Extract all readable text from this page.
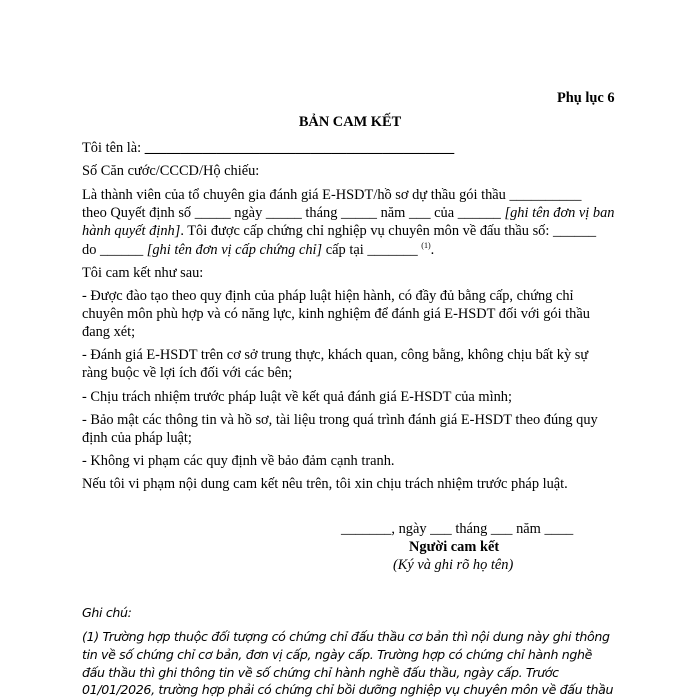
Phụ lục 6
BẢN CAM KẾT
Tôi tên là: ___________________________________________
Số Căn cước/CCCD/Hộ chiếu:
Là thành viên của tổ chuyên gia đánh giá E-HSDT/hồ sơ dự thầu gói thầu __________
theo Quyết định số _____ ngày _____ tháng _____ năm ___ của ______ [ghi tên đơn vị ban
hành quyết định]. Tôi được cấp chứng chỉ nghiệp vụ chuyên môn về đấu thầu số: ______
do ______ [ghi tên đơn vị cấp chứng chỉ] cấp tại _______ $^{(1)}$.
Tôi cam kết như sau:
- Được đào tạo theo quy định của pháp luật hiện hành, có đầy đủ bằng cấp, chứng chỉ
chuyên môn phù hợp và có năng lực, kinh nghiệm để đánh giá E-HSDT đối với gói thầu
đang xét;
- Đánh giá E-HSDT trên cơ sở trung thực, khách quan, công bằng, không chịu bất kỳ sự
ràng buộc về lợi ích đối với các bên;
- Chịu trách nhiệm trước pháp luật về kết quả đánh giá E-HSDT của mình;
- Bảo mật các thông tin và hồ sơ, tài liệu trong quá trình đánh giá E-HSDT theo đúng quy
định của pháp luật;
- Không vi phạm các quy định về bảo đảm cạnh tranh.
Nếu tôi vi phạm nội dung cam kết nêu trên, tôi xin chịu trách nhiệm trước pháp luật.
_______, ngày ___ tháng ___ năm ____
Người cam kết
(Ký và ghi rõ họ tên)
Ghi chú:
(1) Trường hợp thuộc đối tượng có chứng chỉ đấu thầu cơ bản thì nội dung này ghi thông
tin về số chứng chỉ cơ bản, đơn vị cấp, ngày cấp. Trường hợp có chứng chỉ hành nghề
đấu thầu thì ghi thông tin về số chứng chỉ hành nghề đấu thầu, ngày cấp. Trước
01/01/2026, trường hợp phải có chứng chỉ bồi dưỡng nghiệp vụ chuyên môn về đấu thầu
